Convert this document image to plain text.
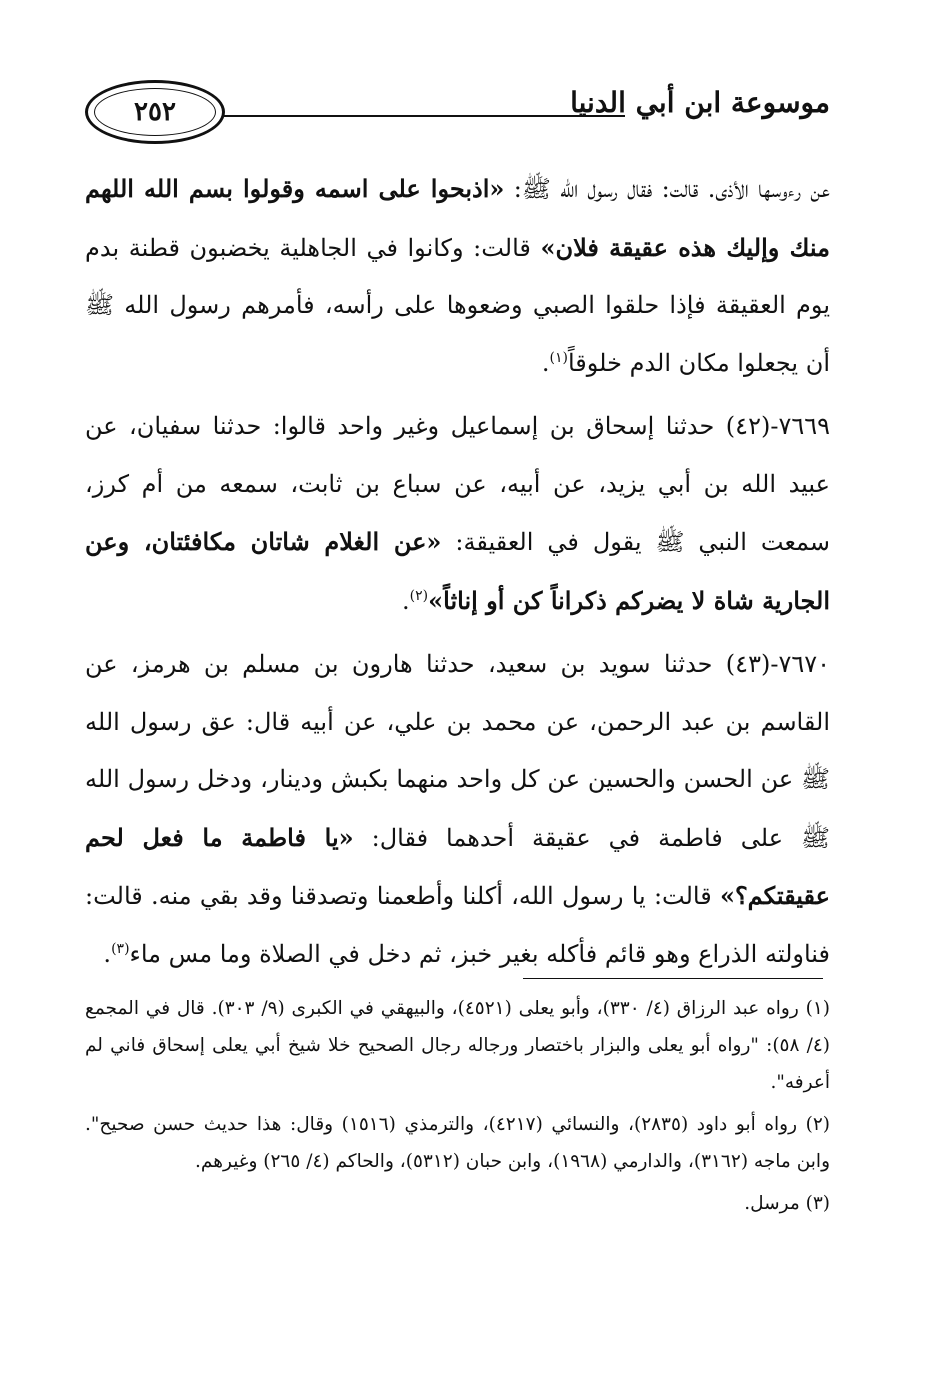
٢٥٢	موسوعة ابن أبي الدنيا

عن رءوسها الأذى. قالت: فقال رسول الله ﷺ: «اذبحوا على اسمه وقولوا بسم الله اللهم منك وإليك هذه عقيقة فلان» قالت: وكانوا في الجاهلية يخضبون قطنة بدم يوم العقيقة فإذا حلقوا الصبي وضعوها على رأسه، فأمرهم رسول الله ﷺ أن يجعلوا مكان الدم خلوقاً$^{(١)}$.

٧٦٦٩-(٤٢) حدثنا إسحاق بن إسماعيل وغير واحد قالوا: حدثنا سفيان، عن عبيد الله بن أبي يزيد، عن أبيه، عن سباع بن ثابت، سمعه من أم كرز، سمعت النبي ﷺ يقول في العقيقة: «عن الغلام شاتان مكافئتان، وعن الجارية شاة لا يضركم ذكراناً كن أو إناثاً»$^{(٢)}$.

٧٦٧٠-(٤٣) حدثنا سويد بن سعيد، حدثنا هارون بن مسلم بن هرمز، عن القاسم بن عبد الرحمن، عن محمد بن علي، عن أبيه قال: عق رسول الله ﷺ عن الحسن والحسين عن كل واحد منهما بكبش ودينار، ودخل رسول الله ﷺ على فاطمة في عقيقة أحدهما فقال: «يا فاطمة ما فعل لحم عقيقتكم؟» قالت: يا رسول الله، أكلنا وأطعمنا وتصدقنا وقد بقي منه. قالت: فناولته الذراع وهو قائم فأكله بغير خبز، ثم دخل في الصلاة وما مس ماء$^{(٣)}$.

(١) رواه عبد الرزاق (٤/ ٣٣٠)، وأبو يعلى (٤٥٢١)، والبيهقي في الكبرى (٩/ ٣٠٣). قال في المجمع (٤/ ٥٨): "رواه أبو يعلى والبزار باختصار ورجاله رجال الصحيح خلا شيخ أبي يعلى إسحاق فاني لم أعرفه".

(٢) رواه أبو داود (٢٨٣٥)، والنسائي (٤٢١٧)، والترمذي (١٥١٦) وقال: هذا حديث حسن صحيح". وابن ماجه (٣١٦٢)، والدارمي (١٩٦٨)، وابن حبان (٥٣١٢)، والحاكم (٤/ ٢٦٥) وغيرهم.

(٣) مرسل.
